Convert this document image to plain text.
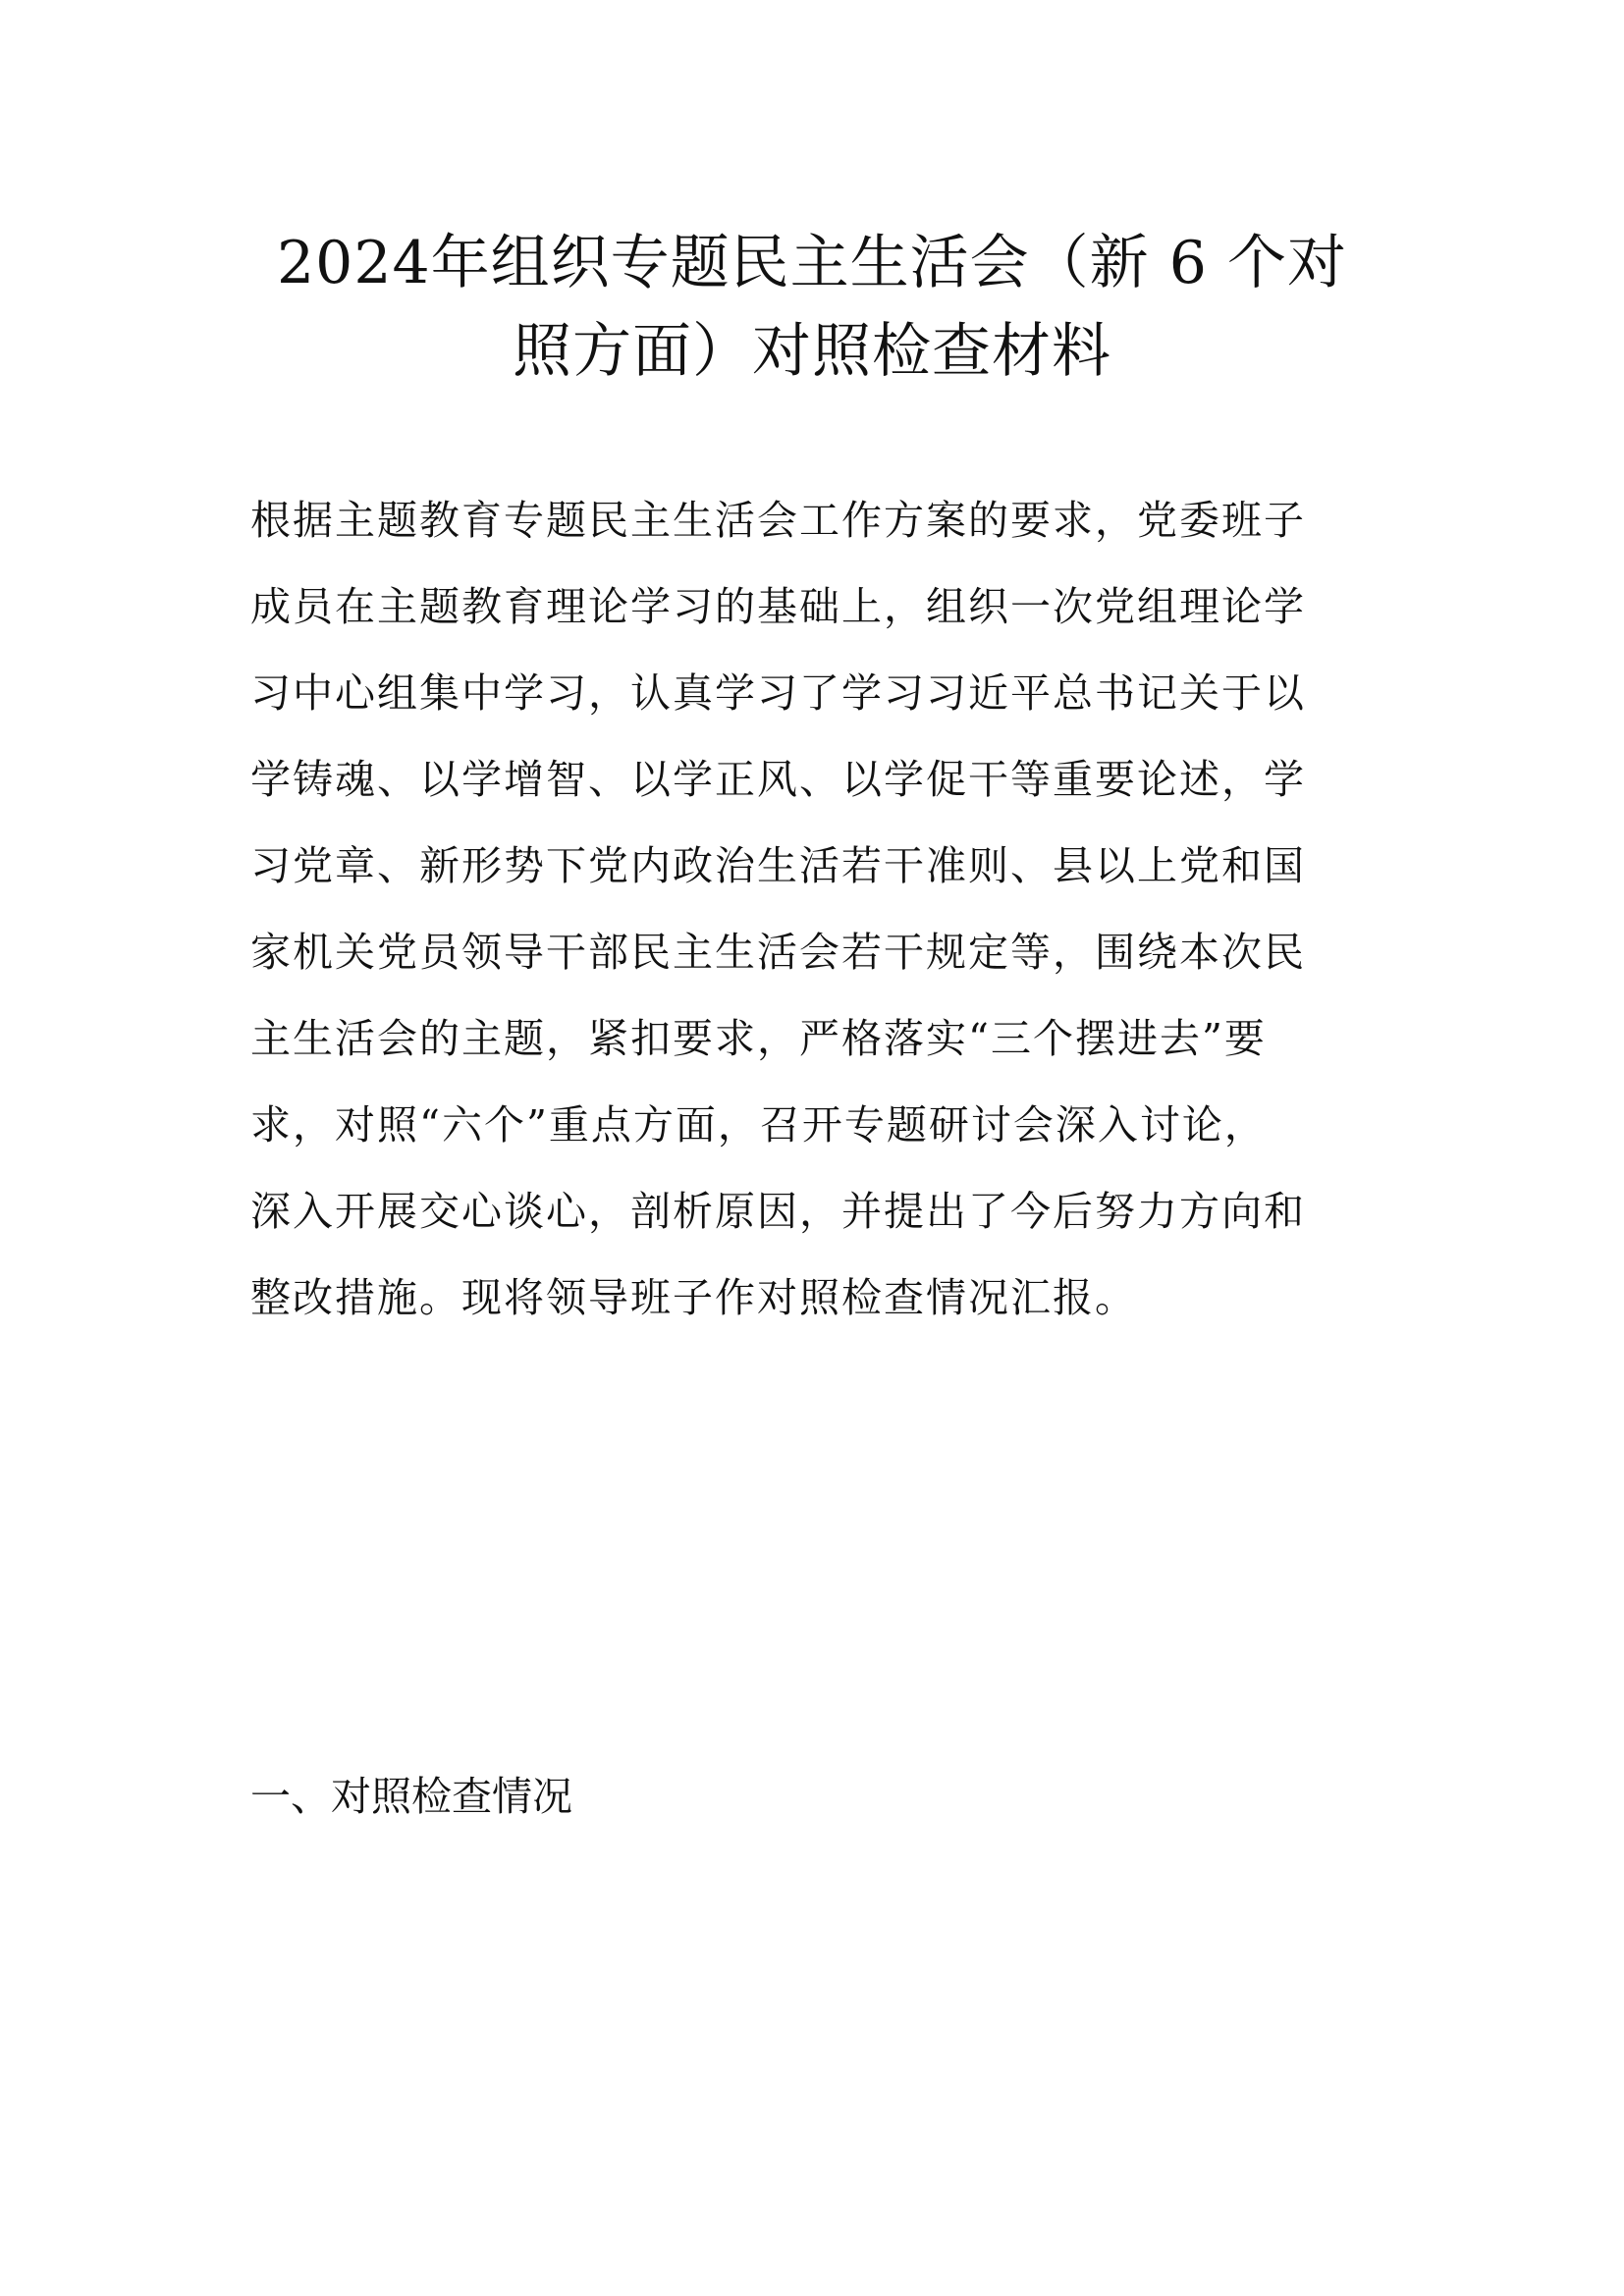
2024年组织专题民主生活会（新 6 个对
照方面）对照检查材料

根据主题教育专题民主生活会工作方案的要求，党委班子

成员在主题教育理论学习的基础上，组织一次党组理论学

习中心组集中学习，认真学习了学习习近平总书记关于以

学铸魂、以学增智、以学正风、以学促干等重要论述，学

习党章、新形势下党内政治生活若干准则、县以上党和国

家机关党员领导干部民主生活会若干规定等，围绕本次民

主生活会的主题，紧扣要求，严格落实“三个摆进去”要

求，对照“六个”重点方面，召开专题研讨会深入讨论，

深入开展交心谈心，剖析原因，并提出了今后努力方向和

整改措施。现将领导班子作对照检查情况汇报。

一、对照检查情况
